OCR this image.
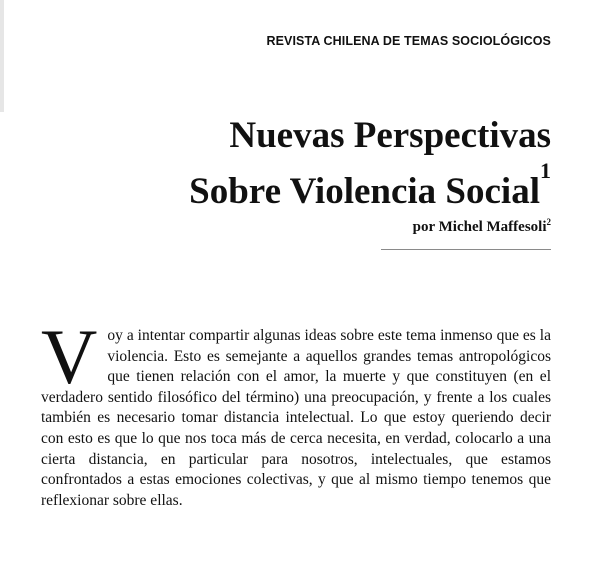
REVISTA CHILENA DE TEMAS SOCIOLÓGICOS
Nuevas Perspectivas
Sobre Violencia Social$^1$
por Michel Maffesoli$^2$

Voy a intentar compartir algunas ideas sobre este tema inmenso que es la violencia. Esto es semejante a aquellos grandes temas antropológicos que tienen relación con el amor, la muerte y que constituyen (en el verdadero sentido filosófico del término) una preocupación, y frente a los cuales también es necesario tomar distancia intelectual. Lo que estoy queriendo decir con esto es que lo que nos toca más de cerca necesita, en verdad, colocarlo a una cierta distancia, en particular para nosotros, intelectuales, que estamos confrontados a estas emociones colectivas, y que al mismo tiempo tenemos que reflexionar sobre ellas.
